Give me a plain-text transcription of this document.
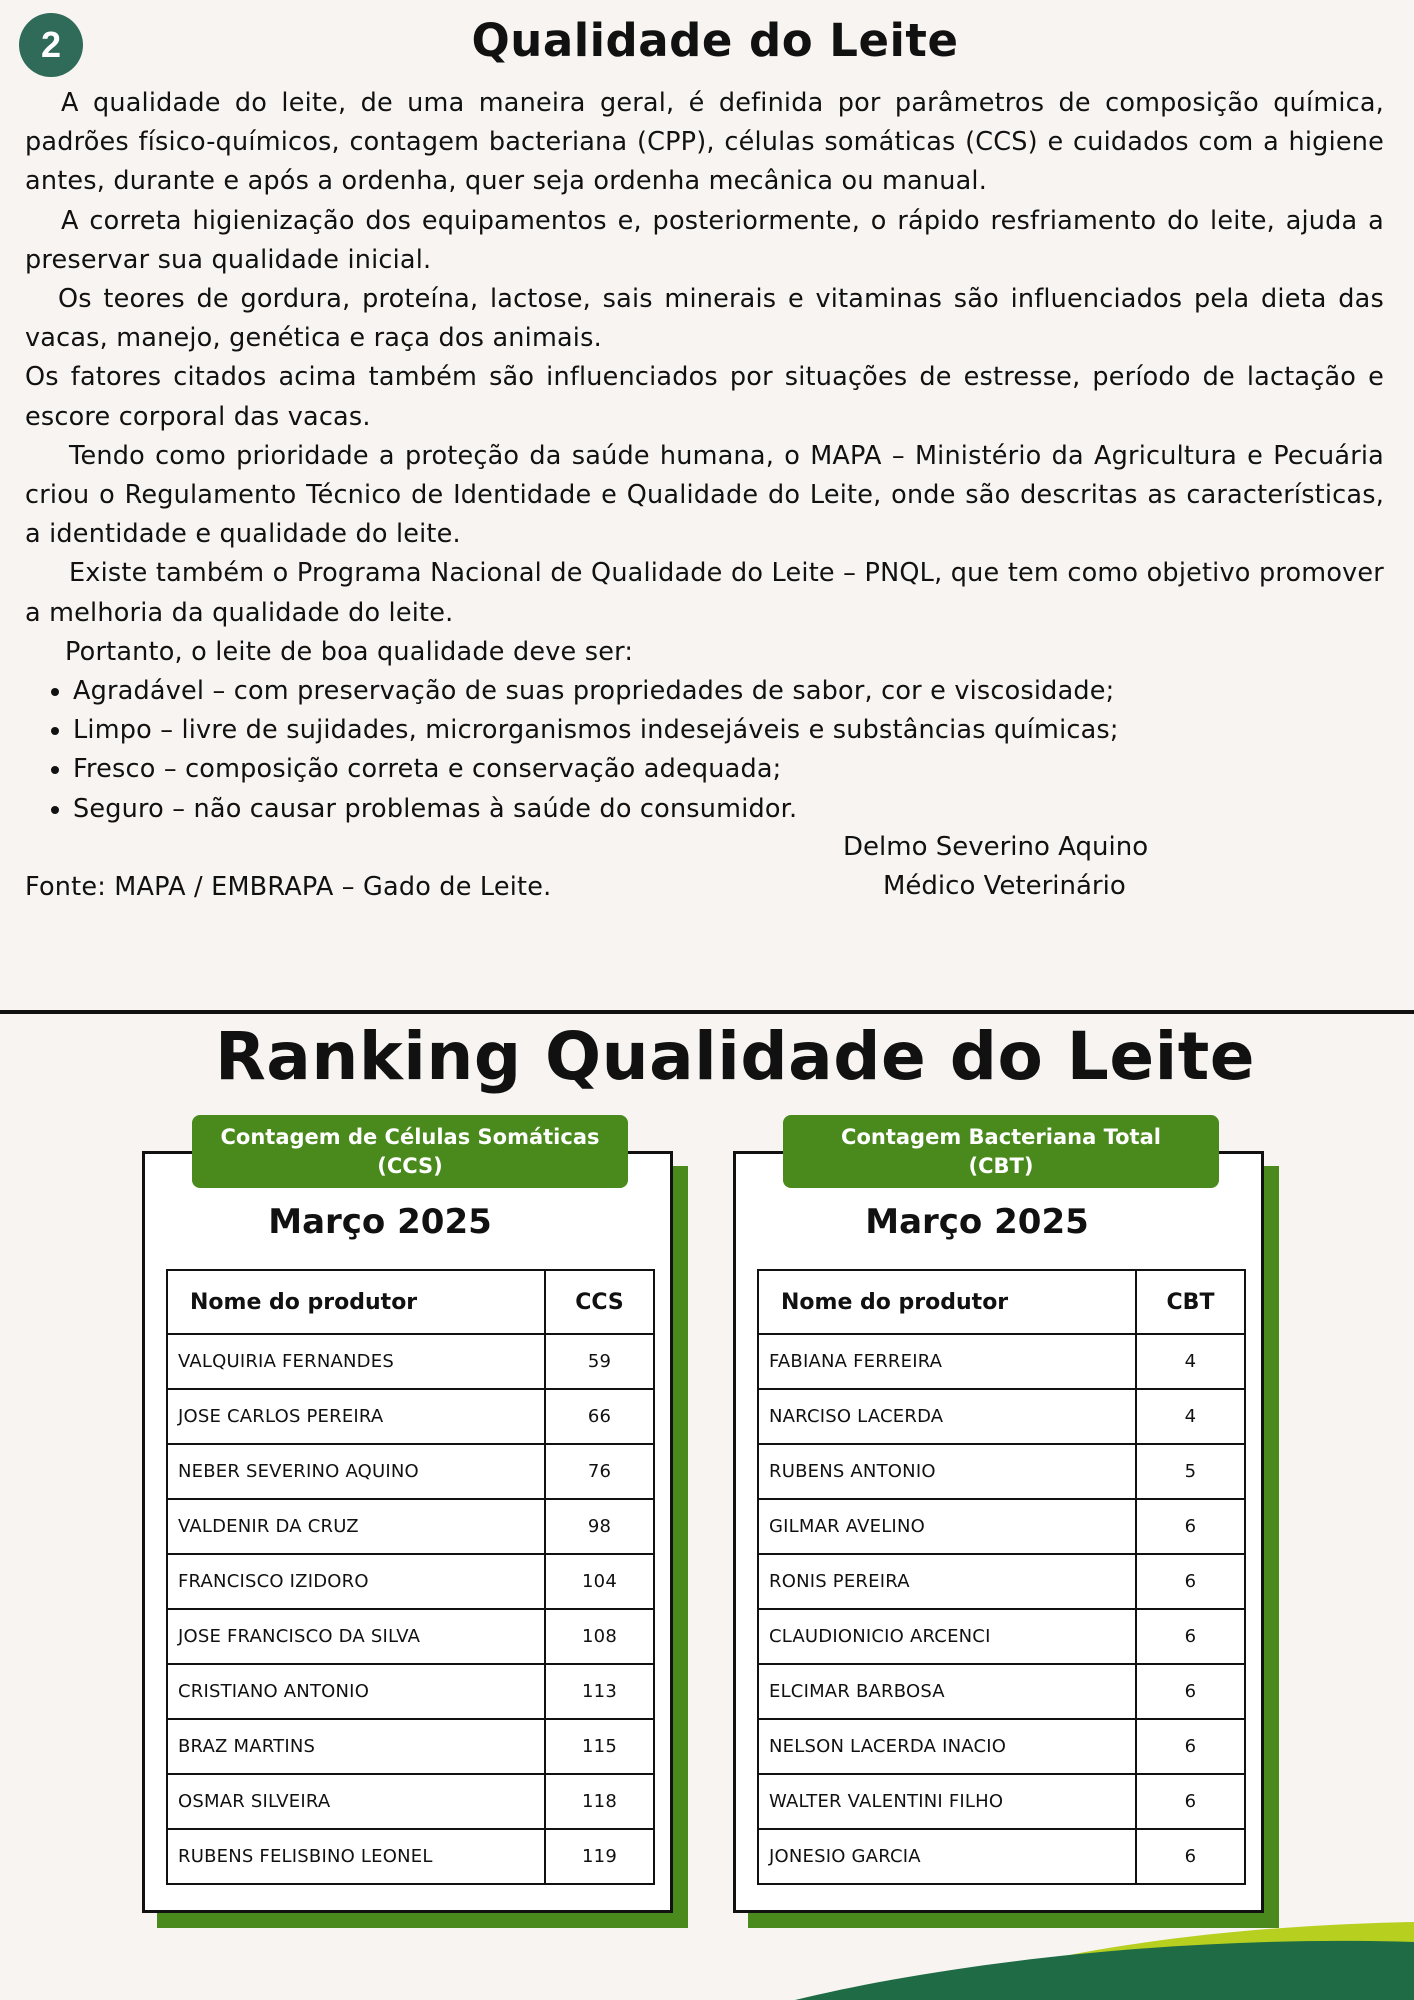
2	Qualidade do Leite

A qualidade do leite, de uma maneira geral, é definida por parâmetros de composição química, padrões físico-químicos, contagem bacteriana (CPP), células somáticas (CCS) e cuidados com a higiene antes, durante e após a ordenha, quer seja ordenha mecânica ou manual.

A correta higienização dos equipamentos e, posteriormente, o rápido resfriamento do leite, ajuda a preservar sua qualidade inicial.

Os teores de gordura, proteína, lactose, sais minerais e vitaminas são influenciados pela dieta das vacas, manejo, genética e raça dos animais.

Os fatores citados acima também são influenciados por situações de estresse, período de lactação e escore corporal das vacas.

Tendo como prioridade a proteção da saúde humana, o MAPA – Ministério da Agricultura e Pecuária criou o Regulamento Técnico de Identidade e Qualidade do Leite, onde são descritas as características, a identidade e qualidade do leite.

Existe também o Programa Nacional de Qualidade do Leite – PNQL, que tem como objetivo promover a melhoria da qualidade do leite.

Portanto, o leite de boa qualidade deve ser:

• Agradável – com preservação de suas propriedades de sabor, cor e viscosidade;
• Limpo – livre de sujidades, microrganismos indesejáveis e substâncias químicas;
• Fresco – composição correta e conservação adequada;
• Seguro – não causar problemas à saúde do consumidor.

Fonte: MAPA / EMBRAPA – Gado de Leite.

Delmo Severino Aquino
Médico Veterinário
Ranking Qualidade do Leite
Contagem de Células Somáticas
(CCS)
Março 2025
Nome do produtor	CCS
VALQUIRIA FERNANDES	59
JOSE CARLOS PEREIRA	66
NEBER SEVERINO AQUINO	76
VALDENIR DA CRUZ	98
FRANCISCO IZIDORO	104
JOSE FRANCISCO DA SILVA	108
CRISTIANO ANTONIO	113
BRAZ MARTINS	115
OSMAR SILVEIRA	118
RUBENS FELISBINO LEONEL	119
Contagem Bacteriana Total
(CBT)
Março 2025
Nome do produtor	CBT
FABIANA FERREIRA	4
NARCISO LACERDA	4
RUBENS ANTONIO	5
GILMAR AVELINO	6
RONIS PEREIRA	6
CLAUDIONICIO ARCENCI	6
ELCIMAR BARBOSA	6
NELSON LACERDA INACIO	6
WALTER VALENTINI FILHO	6
JONESIO GARCIA	6
